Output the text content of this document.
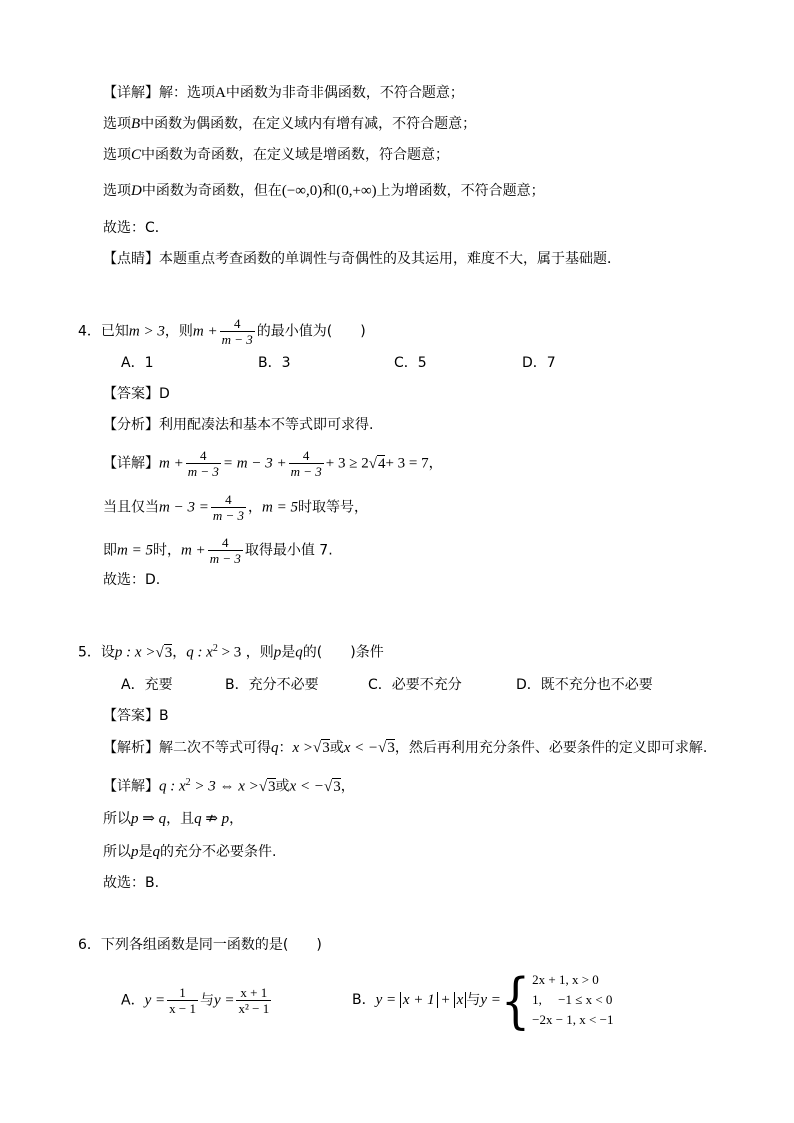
【详解】解：选项A中函数为非奇非偶函数，不符合题意；
选项B中函数为偶函数，在定义域内有增有减，不符合题意；
选项C中函数为奇函数，在定义域是增函数，符合题意；
选项D中函数为奇函数，但在(−∞,0)和(0,+∞)上为增函数，不符合题意；
故选：C．
【点睛】本题重点考查函数的单调性与奇偶性的及其运用，难度不大，属于基础题．
4．已知m > 3，则$m + \frac{4}{m - 3}$ 的最小值为(　　)
A．1	B．3	C．5	D．7
【答案】D
【分析】利用配凑法和基本不等式即可求得.
【详解】$m + \frac{4}{m - 3} = m - 3 + \frac{4}{m - 3} + 3 \ge 2√4+ 3 = 7$，
当且仅当$m - 3 = \frac{4}{m - 3}$ ，m = 5时取等号，
即m = 5时，$m + \frac{4}{m - 3}$ 取得最小值 7.
故选：D.
5．设p : x >√3，q : $x^2 > 3$ ，则p是q的(　　)条件
A．充要	B．充分不必要	C．必要不充分	D．既不充分也不必要
【答案】B
【解析】解二次不等式可得q：x >√3或x < −√3，然后再利用充分条件、必要条件的定义即可求解.
【详解】q : $x^2 > 3$ ⇔ x >√3或x < −√3，
所以p ⇒ q，且q ⇏ p，
所以p是q的充分不必要条件.
故选：B.
6．下列各组函数是同一函数的是(　　)
A．$y = \frac{1}{x - 1}$ 与$y = \frac{x + 1}{\text{x² − 1}}$	B．y = x + 1 + x 与y ={ 2x + 1, x > 0
1,　 −1 ≤ x < 0
−2x − 1, x < −1
